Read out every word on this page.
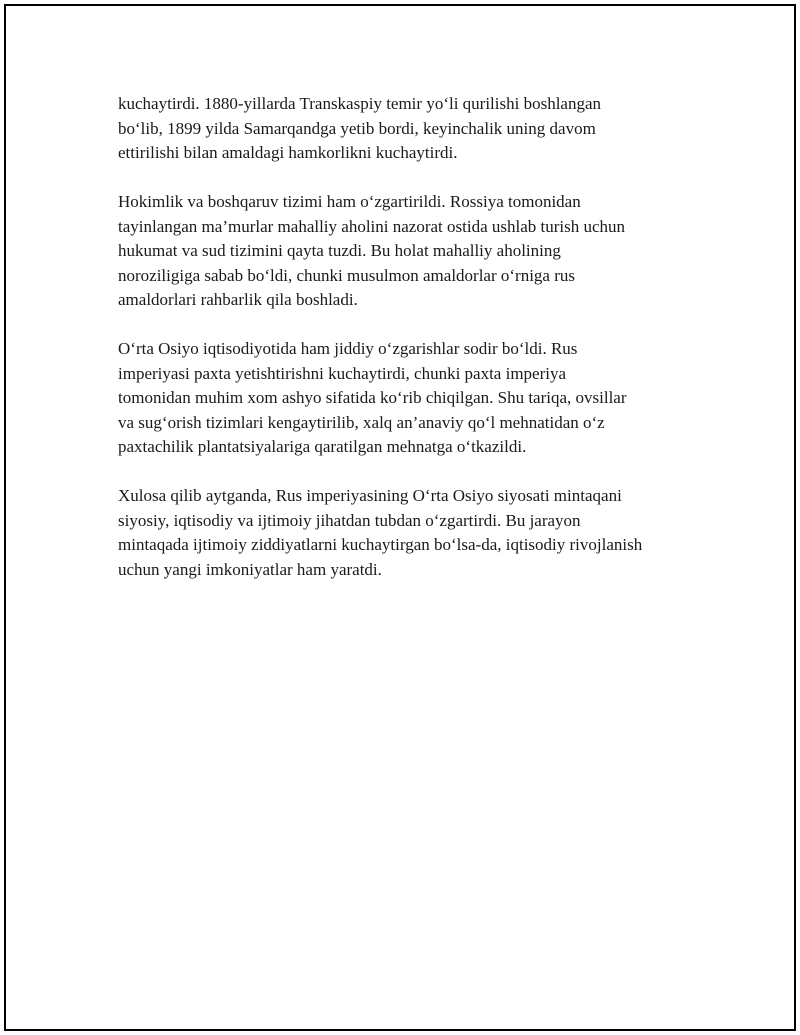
kuchaytirdi. 1880-yillarda Transkaspiy temir yo‘li qurilishi boshlangan
bo‘lib, 1899 yilda Samarqandga yetib bordi, keyinchalik uning davom
ettirilishi bilan amaldagi hamkorlikni kuchaytirdi.

Hokimlik va boshqaruv tizimi ham o‘zgartirildi. Rossiya tomonidan
tayinlangan ma’murlar mahalliy aholini nazorat ostida ushlab turish uchun
hukumat va sud tizimini qayta tuzdi. Bu holat mahalliy aholining
noroziligiga sabab bo‘ldi, chunki musulmon amaldorlar o‘rniga rus
amaldorlari rahbarlik qila boshladi.

O‘rta Osiyo iqtisodiyotida ham jiddiy o‘zgarishlar sodir bo‘ldi. Rus
imperiyasi paxta yetishtirishni kuchaytirdi, chunki paxta imperiya
tomonidan muhim xom ashyo sifatida ko‘rib chiqilgan. Shu tariqa, ovsillar
va sug‘orish tizimlari kengaytirilib, xalq an’anaviy qo‘l mehnatidan o‘z
paxtachilik plantatsiyalariga qaratilgan mehnatga o‘tkazildi.

Xulosa qilib aytganda, Rus imperiyasining O‘rta Osiyo siyosati mintaqani
siyosiy, iqtisodiy va ijtimoiy jihatdan tubdan o‘zgartirdi. Bu jarayon
mintaqada ijtimoiy ziddiyatlarni kuchaytirgan bo‘lsa-da, iqtisodiy rivojlanish
uchun yangi imkoniyatlar ham yaratdi.
